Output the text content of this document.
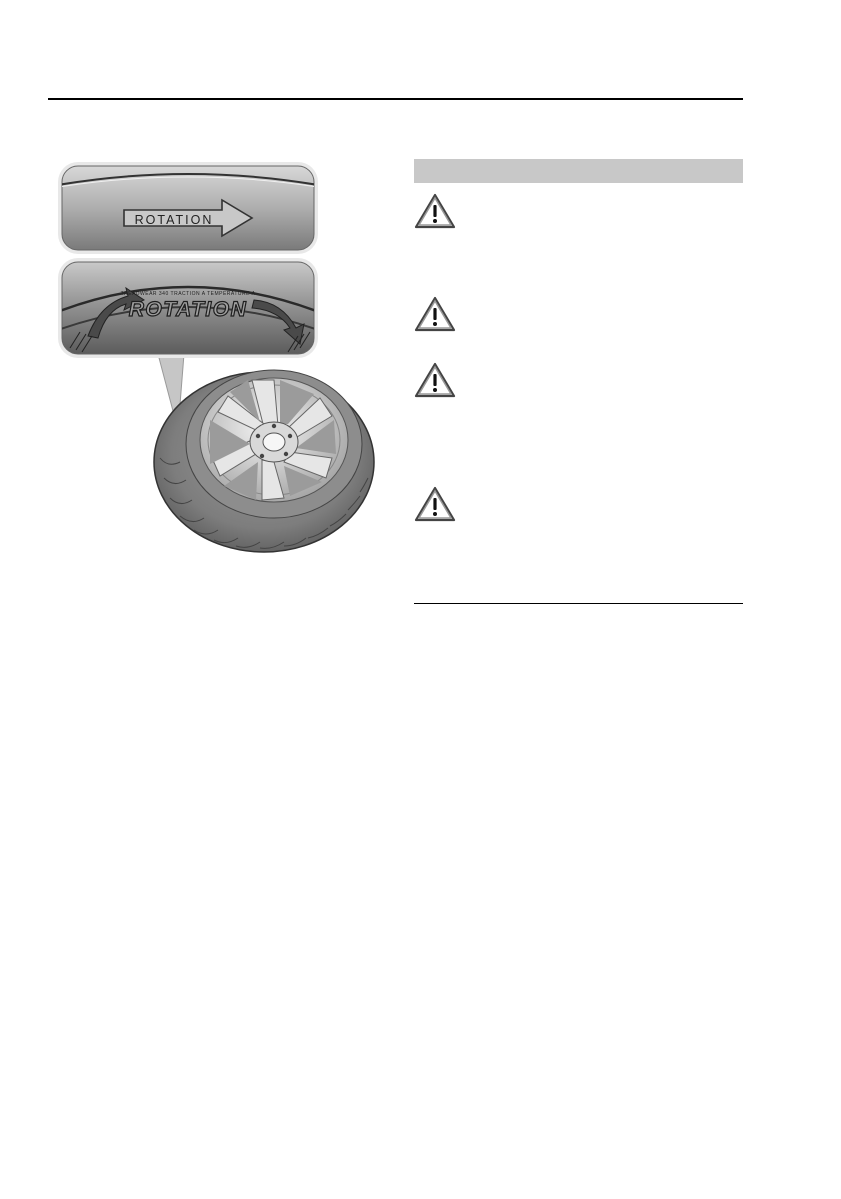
ROTATION
TREADWEAR 340 TRACTION A TEMPERATURE A
ROTATION
